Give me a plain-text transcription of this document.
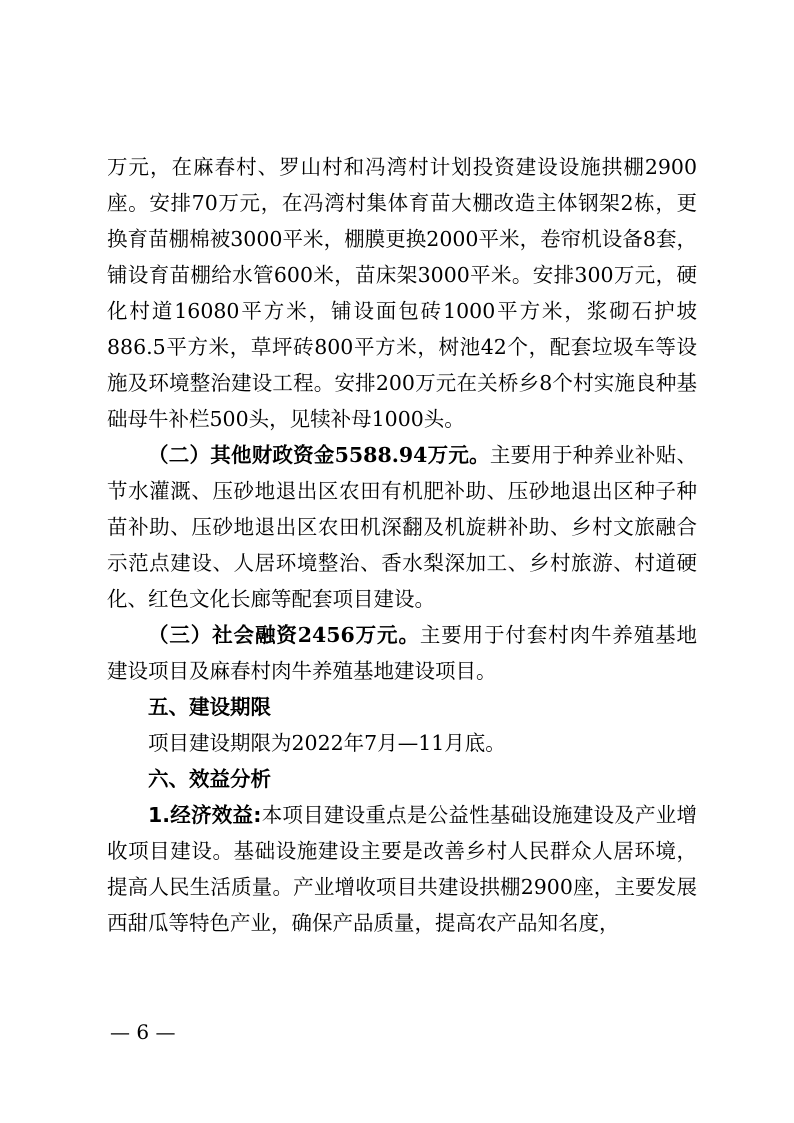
万元，在麻春村、罗山村和冯湾村计划投资建设设施拱棚2900座。安排70万元，在冯湾村集体育苗大棚改造主体钢架2栋，更换育苗棚棉被3000平米，棚膜更换2000平米，卷帘机设备8套，铺设育苗棚给水管600米，苗床架3000平米。安排300万元，硬化村道16080平方米，铺设面包砖1000平方米，浆砌石护坡886.5平方米，草坪砖800平方米，树池42个，配套垃圾车等设施及环境整治建设工程。安排200万元在关桥乡8个村实施良种基础母牛补栏500头，见犊补母1000头。

（二）其他财政资金5588.94万元。主要用于种养业补贴、节水灌溉、压砂地退出区农田有机肥补助、压砂地退出区种子种苗补助、压砂地退出区农田机深翻及机旋耕补助、乡村文旅融合示范点建设、人居环境整治、香水梨深加工、乡村旅游、村道硬化、红色文化长廊等配套项目建设。

（三）社会融资2456万元。主要用于付套村肉牛养殖基地建设项目及麻春村肉牛养殖基地建设项目。

五、建设期限

项目建设期限为2022年7月—11月底。

六、效益分析

1.经济效益:本项目建设重点是公益性基础设施建设及产业增收项目建设。基础设施建设主要是改善乡村人民群众人居环境，提高人民生活质量。产业增收项目共建设拱棚2900座，主要发展西甜瓜等特色产业，确保产品质量，提高农产品知名度，

— 6 —
